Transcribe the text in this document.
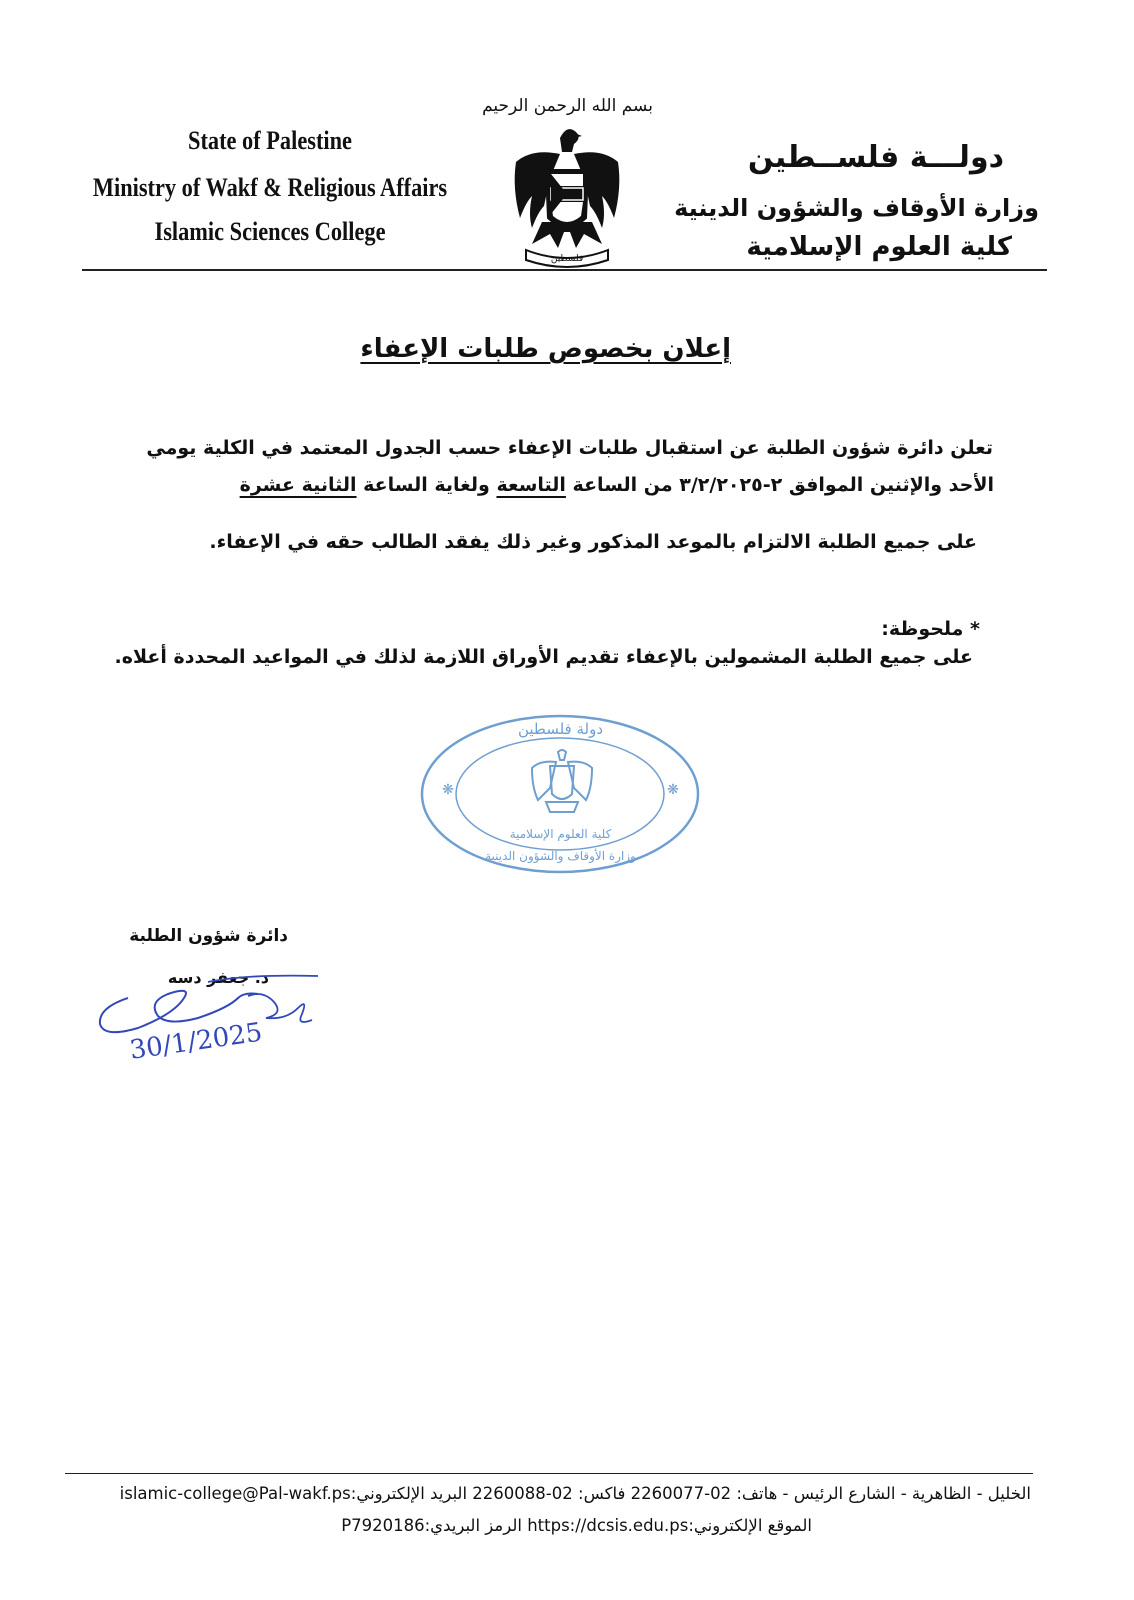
State of Palestine
Ministry of Wakf & Religious Affairs
Islamic Sciences College
بسم الله الرحمن الرحيم
فلسطين
دولـــة فلســطين
وزارة الأوقاف والشؤون الدينية
كلية العلوم الإسلامية
إعلان بخصوص طلبات الإعفاء
تعلن دائرة شؤون الطلبة عن استقبال طلبات الإعفاء حسب الجدول المعتمد في الكلية يومي
الأحد والإثنين الموافق ٢-٣/٢/٢٠٢٥ من الساعة التاسعة ولغاية الساعة الثانية عشرة
على جميع الطلبة الالتزام بالموعد المذكور وغير ذلك يفقد الطالب حقه في الإعفاء.
* ملحوظة:
على جميع الطلبة المشمولين بالإعفاء تقديم الأوراق اللازمة لذلك في المواعيد المحددة أعلاه.
❋
❋
دولة فلسطين
كلية العلوم الإسلامية
وزارة الأوقاف والشؤون الدينية
دائرة شؤون الطلبة
د. جعفر دسه
30/1/2025
الخليل - الظاهرية - الشارع الرئيس - هاتف: 02-2260077 فاكس: 02-2260088 البريد الإلكتروني:islamic-college@Pal-wakf.ps
الموقع الإلكتروني:https://dcsis.edu.ps الرمز البريدي:P7920186
